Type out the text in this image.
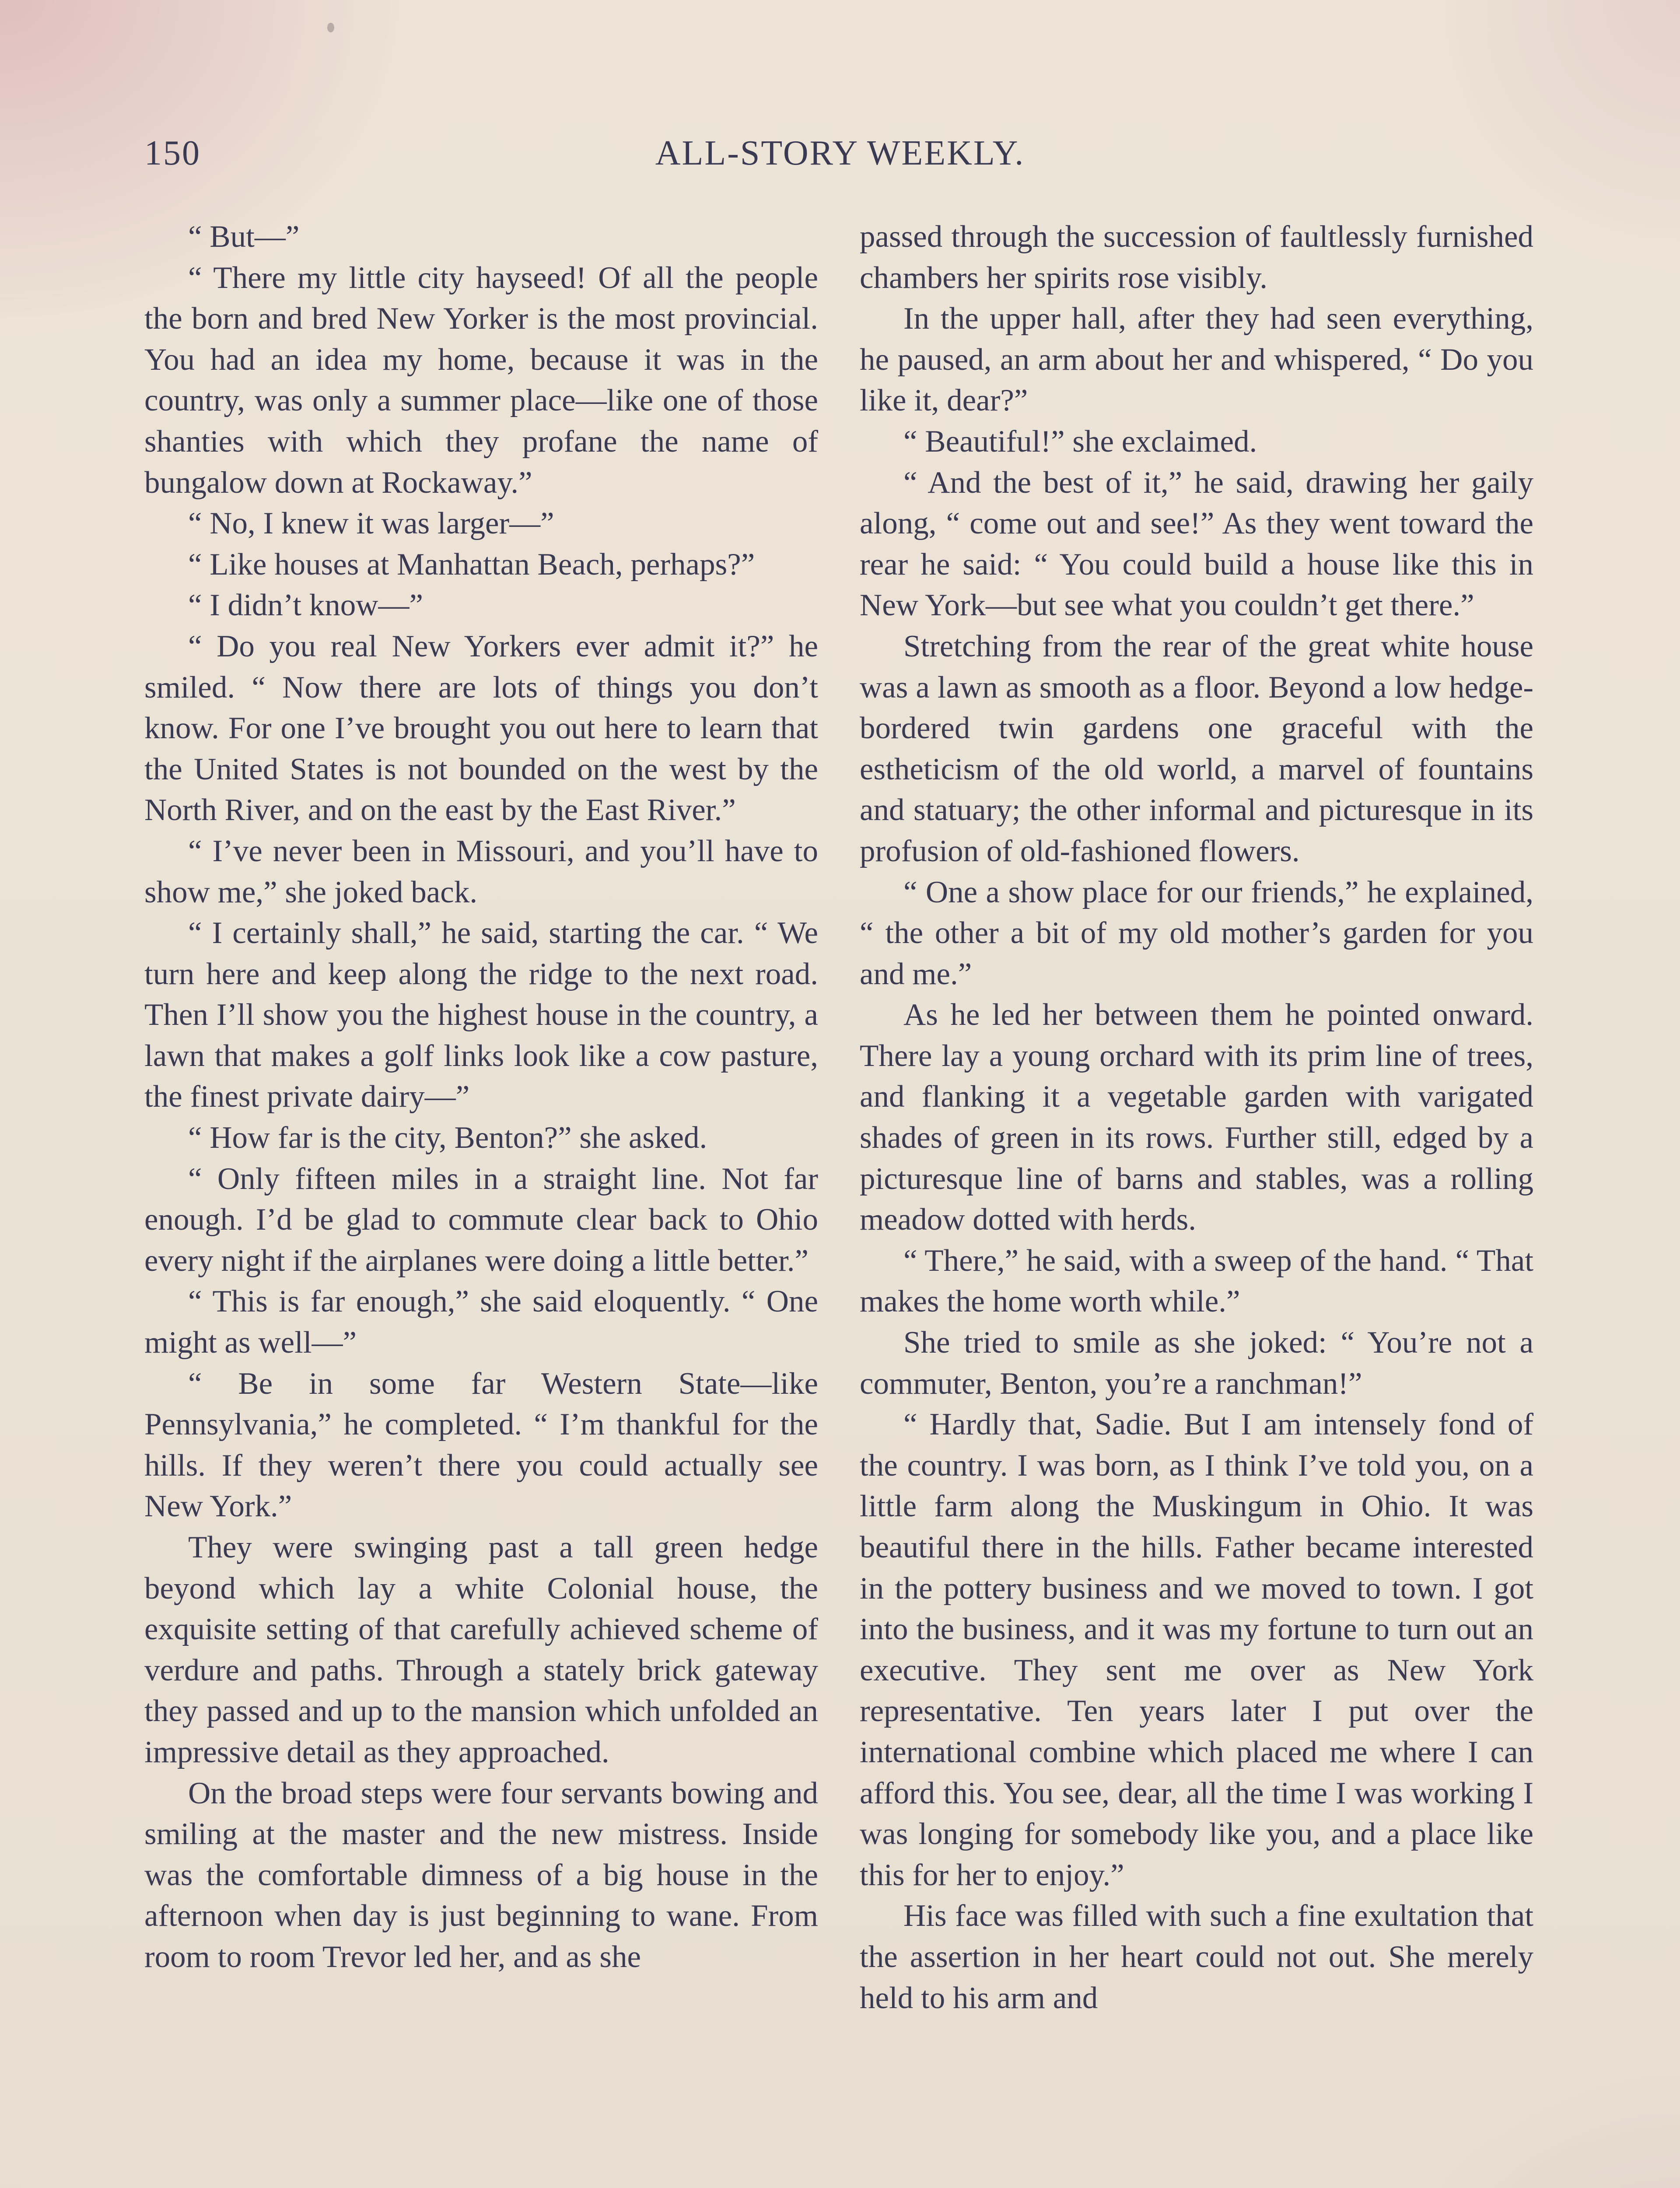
150	ALL-STORY WEEKLY.

“ But—”

“ There my little city hayseed! Of all the people the born and bred New Yorker is the most provincial. You had an idea my home, because it was in the country, was only a summer place—like one of those shanties with which they profane the name of bungalow down at Rockaway.”

“ No, I knew it was larger—”

“ Like houses at Manhattan Beach, perhaps?”

“ I didn’t know—”

“ Do you real New Yorkers ever admit it?” he smiled. “ Now there are lots of things you don’t know. For one I’ve brought you out here to learn that the United States is not bounded on the west by the North River, and on the east by the East River.”

“ I’ve never been in Missouri, and you’ll have to show me,” she joked back.

“ I certainly shall,” he said, starting the car. “ We turn here and keep along the ridge to the next road. Then I’ll show you the highest house in the country, a lawn that makes a golf links look like a cow pasture, the finest private dairy—”

“ How far is the city, Benton?” she asked.

“ Only fifteen miles in a straight line. Not far enough. I’d be glad to commute clear back to Ohio every night if the airplanes were doing a little better.”

“ This is far enough,” she said eloquently. “ One might as well—”

“ Be in some far Western State—like Pennsylvania,” he completed. “ I’m thankful for the hills. If they weren’t there you could actually see New York.”

They were swinging past a tall green hedge beyond which lay a white Colonial house, the exquisite setting of that carefully achieved scheme of verdure and paths. Through a stately brick gateway they passed and up to the mansion which unfolded an impressive detail as they approached.

On the broad steps were four servants bowing and smiling at the master and the new mistress. Inside was the comfortable dimness of a big house in the afternoon when day is just beginning to wane. From room to room Trevor led her, and as she

passed through the succession of faultlessly furnished chambers her spirits rose visibly.

In the upper hall, after they had seen everything, he paused, an arm about her and whispered, “ Do you like it, dear?”

“ Beautiful!” she exclaimed.

“ And the best of it,” he said, drawing her gaily along, “ come out and see!” As they went toward the rear he said: “ You could build a house like this in New York—but see what you couldn’t get there.”

Stretching from the rear of the great white house was a lawn as smooth as a floor. Beyond a low hedge-bordered twin gardens one graceful with the estheticism of the old world, a marvel of fountains and statuary; the other informal and picturesque in its profusion of old-fashioned flowers.

“ One a show place for our friends,” he explained, “ the other a bit of my old mother’s garden for you and me.”

As he led her between them he pointed onward. There lay a young orchard with its prim line of trees, and flanking it a vegetable garden with varigated shades of green in its rows. Further still, edged by a picturesque line of barns and stables, was a rolling meadow dotted with herds.

“ There,” he said, with a sweep of the hand. “ That makes the home worth while.”

She tried to smile as she joked: “ You’re not a commuter, Benton, you’re a ranchman!”

“ Hardly that, Sadie. But I am intensely fond of the country. I was born, as I think I’ve told you, on a little farm along the Muskingum in Ohio. It was beautiful there in the hills. Father became interested in the pottery business and we moved to town. I got into the business, and it was my fortune to turn out an executive. They sent me over as New York representative. Ten years later I put over the international combine which placed me where I can afford this. You see, dear, all the time I was working I was longing for somebody like you, and a place like this for her to enjoy.”

His face was filled with such a fine exultation that the assertion in her heart could not out. She merely held to his arm and
